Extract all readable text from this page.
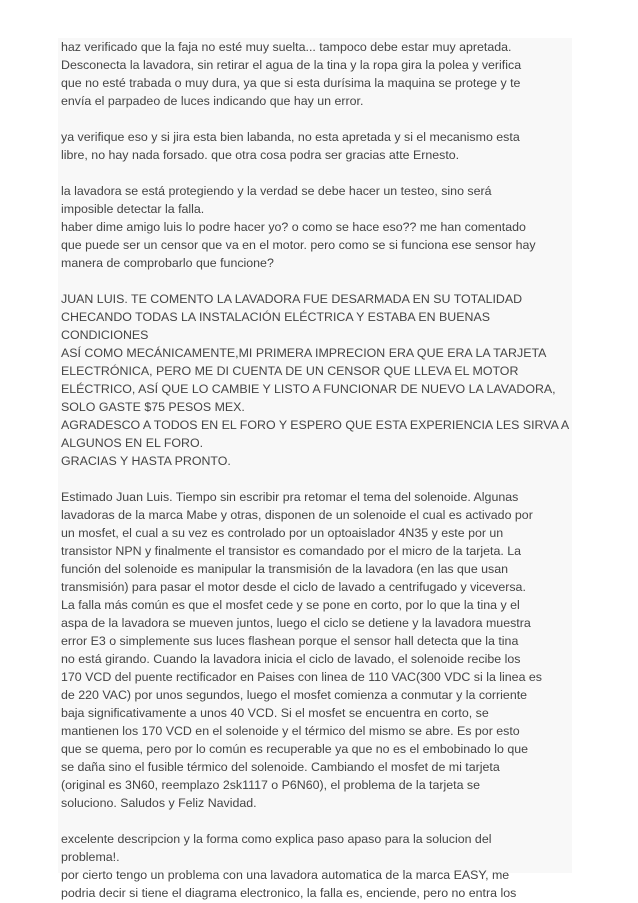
haz verificado que la faja no esté muy suelta... tampoco debe estar muy apretada.
Desconecta la lavadora, sin retirar el agua de la tina y la ropa gira la polea y verifica
que no esté trabada o muy dura, ya que si esta durísima la maquina se protege y te
envía el parpadeo de luces indicando que hay un error.

ya verifique eso y si jira esta bien labanda, no esta apretada y si el mecanismo esta
libre, no hay nada forsado. que otra cosa podra ser gracias atte Ernesto.

la lavadora se está protegiendo y la verdad se debe hacer un testeo, sino será
imposible detectar la falla.
haber dime amigo luis lo podre hacer yo? o como se hace eso?? me han comentado
que puede ser un censor que va en el motor. pero como se si funciona ese sensor hay
manera de comprobarlo que funcione?

JUAN LUIS. TE COMENTO LA LAVADORA FUE DESARMADA EN SU TOTALIDAD
CHECANDO TODAS LA INSTALACIÓN ELÉCTRICA Y ESTABA EN BUENAS CONDICIONES
ASÍ COMO MECÁNICAMENTE,MI PRIMERA IMPRECION ERA QUE ERA LA TARJETA
ELECTRÓNICA, PERO ME DI CUENTA DE UN CENSOR QUE LLEVA EL MOTOR
ELÉCTRICO, ASÍ QUE LO CAMBIE Y LISTO A FUNCIONAR DE NUEVO LA LAVADORA,
SOLO GASTE $75 PESOS MEX.
AGRADESCO A TODOS EN EL FORO Y ESPERO QUE ESTA EXPERIENCIA LES SIRVA A
ALGUNOS EN EL FORO.
GRACIAS Y HASTA PRONTO.

Estimado Juan Luis. Tiempo sin escribir pra retomar el tema del solenoide. Algunas
lavadoras de la marca Mabe y otras, disponen de un solenoide el cual es activado por
un mosfet, el cual a su vez es controlado por un optoaislador 4N35 y este por un
transistor NPN y finalmente el transistor es comandado por el micro de la tarjeta. La
función del solenoide es manipular la transmisión de la lavadora (en las que usan
transmisión) para pasar el motor desde el ciclo de lavado a centrifugado y viceversa.
La falla más común es que el mosfet cede y se pone en corto, por lo que la tina y el
aspa de la lavadora se mueven juntos, luego el ciclo se detiene y la lavadora muestra
error E3 o simplemente sus luces flashean porque el sensor hall detecta que la tina
no está girando. Cuando la lavadora inicia el ciclo de lavado, el solenoide recibe los
170 VCD del puente rectificador en Paises con linea de 110 VAC(300 VDC si la linea es
de 220 VAC) por unos segundos, luego el mosfet comienza a conmutar y la corriente
baja significativamente a unos 40 VCD. Si el mosfet se encuentra en corto, se
mantienen los 170 VCD en el solenoide y el térmico del mismo se abre. Es por esto
que se quema, pero por lo común es recuperable ya que no es el embobinado lo que
se daña sino el fusible térmico del solenoide. Cambiando el mosfet de mi tarjeta
(original es 3N60, reemplazo 2sk1117 o P6N60), el problema de la tarjeta se
soluciono. Saludos y Feliz Navidad.

excelente descripcion y la forma como explica paso apaso para la solucion del
problema!.
por cierto tengo un problema con una lavadora automatica de la marca EASY, me
podria decir si tiene el diagrama electronico, la falla es, enciende, pero no entra los
